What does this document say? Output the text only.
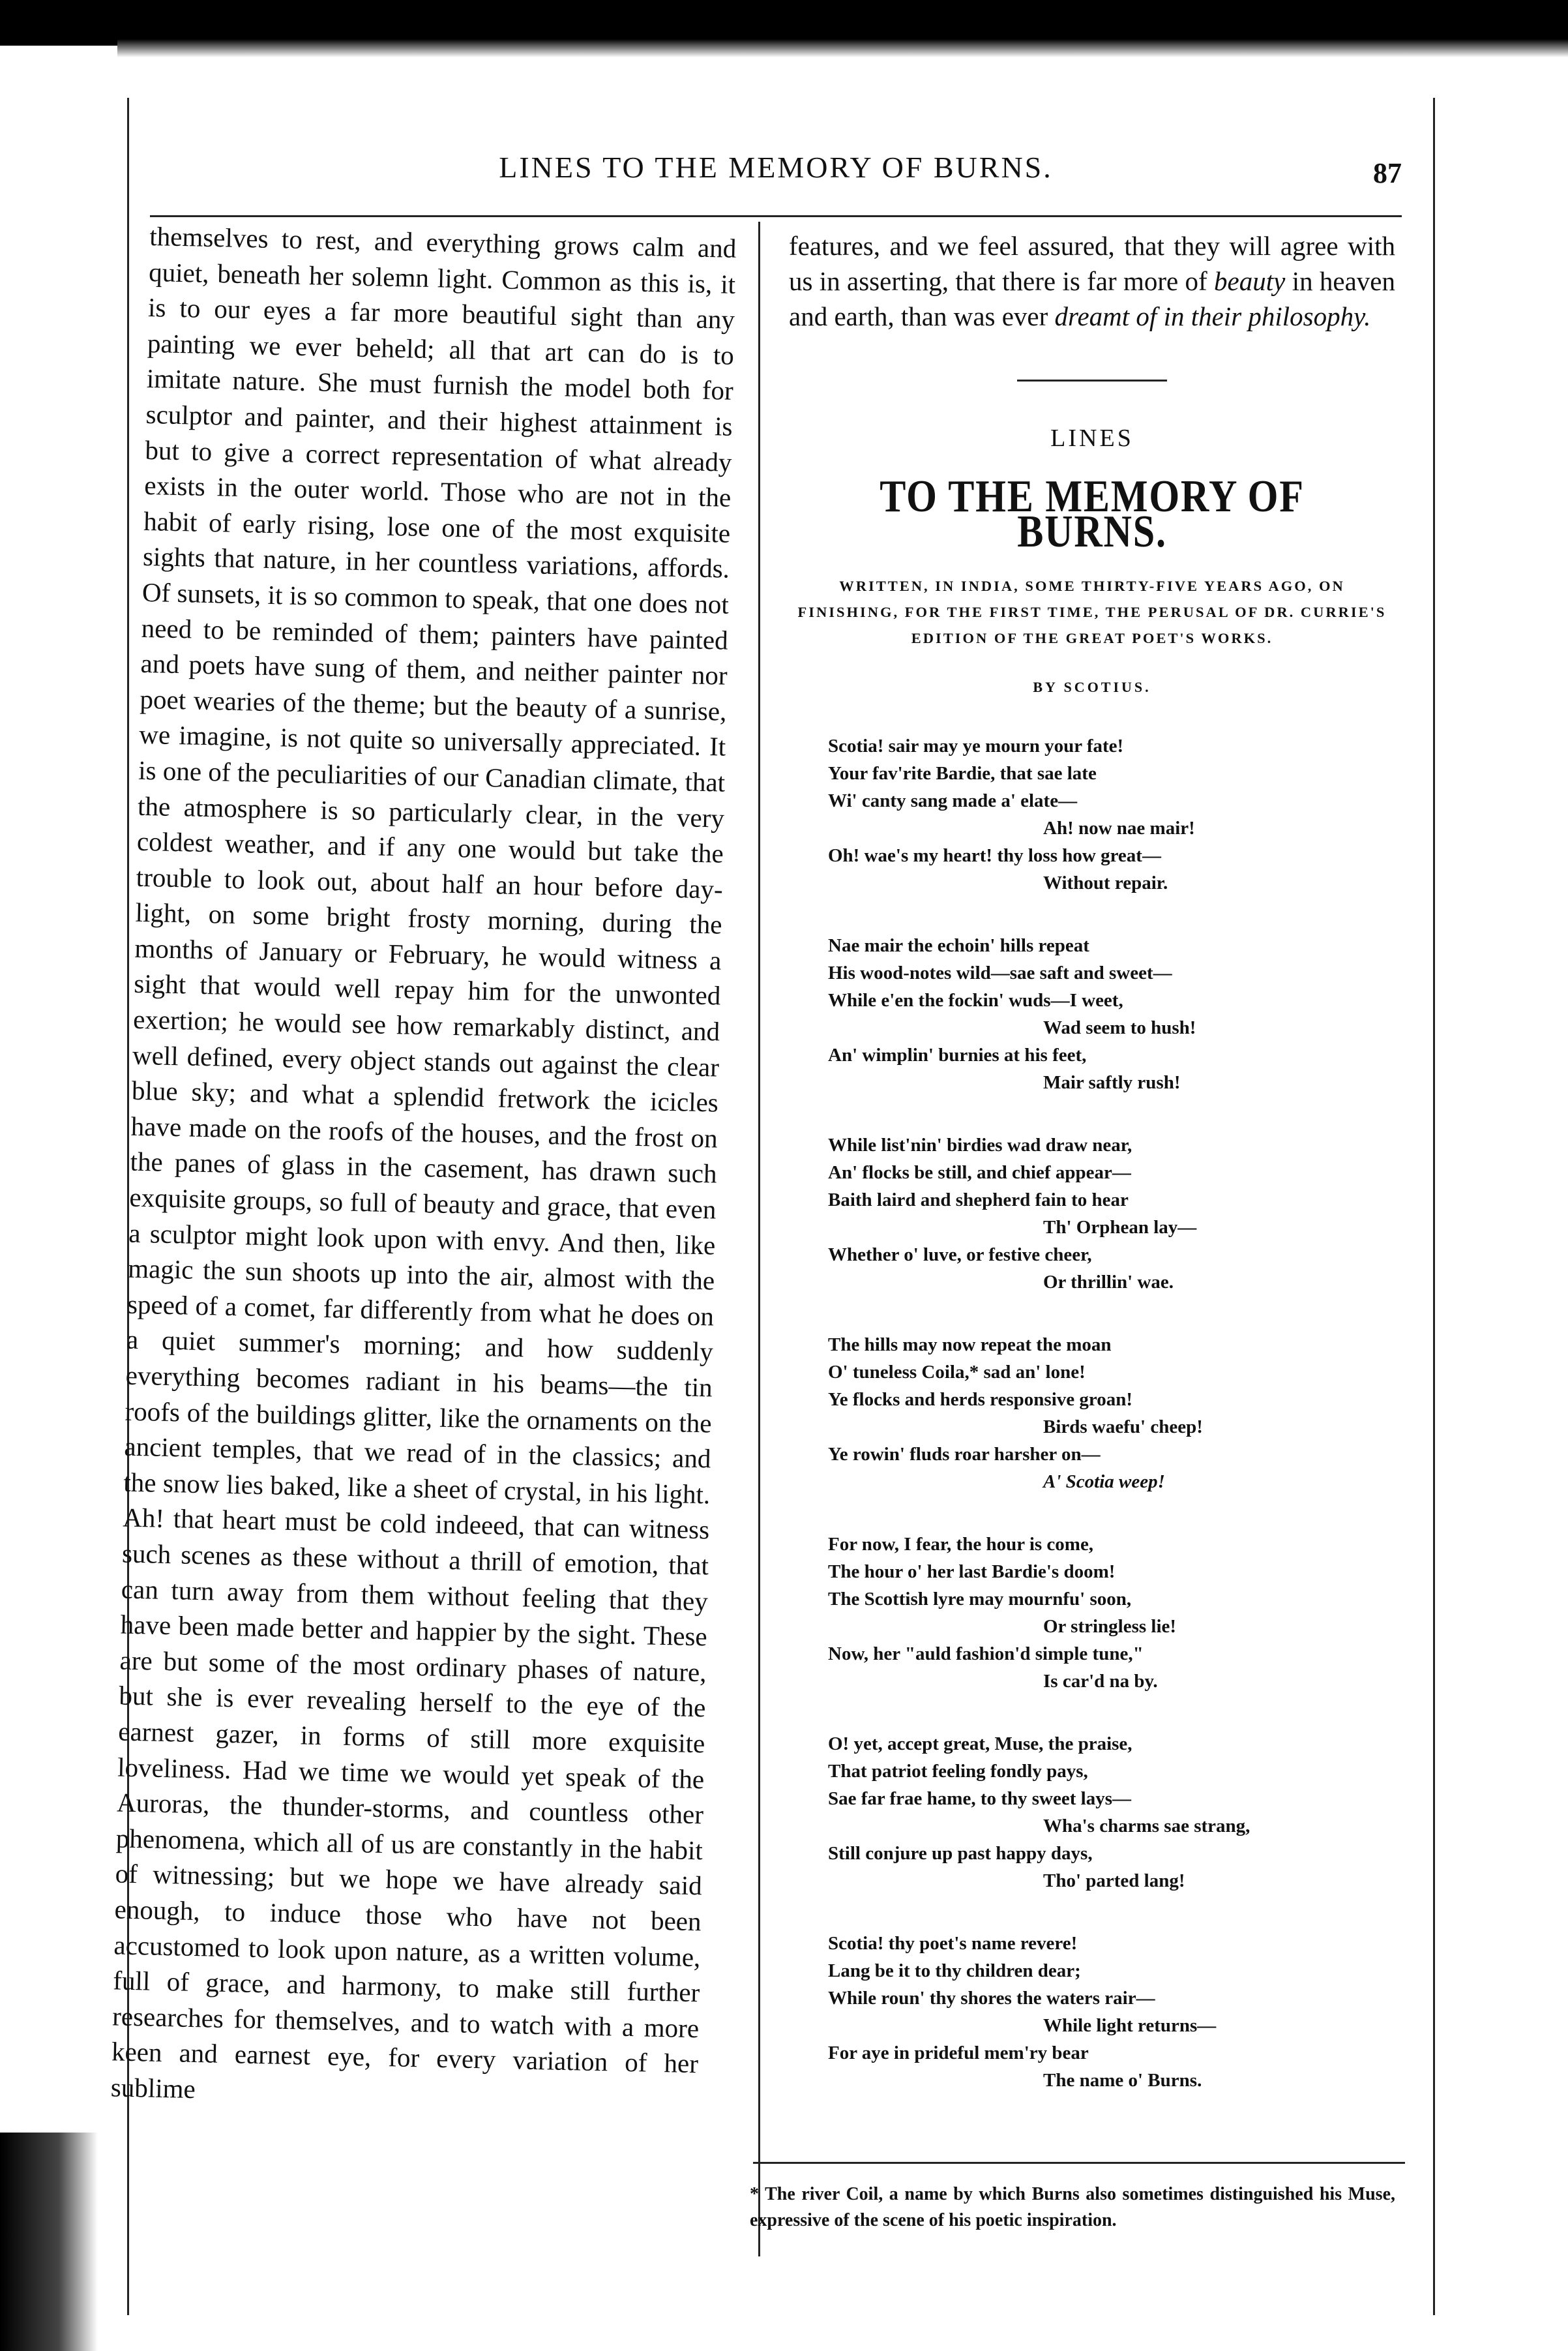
LINES TO THE MEMORY OF BURNS.	87

themselves to rest, and everything grows calm and quiet, beneath her solemn light. Common as this is, it is to our eyes a far more beautiful sight than any painting we ever beheld; all that art can do is to imitate nature. She must furnish the model both for sculptor and painter, and their highest attainment is but to give a correct representation of what already exists in the outer world. Those who are not in the habit of early rising, lose one of the most exquisite sights that nature, in her countless variations, affords. Of sunsets, it is so common to speak, that one does not need to be reminded of them; painters have painted and poets have sung of them, and neither painter nor poet wearies of the theme; but the beauty of a sunrise, we imagine, is not quite so universally appreciated. It is one of the peculiarities of our Canadian climate, that the atmosphere is so particularly clear, in the very coldest weather, and if any one would but take the trouble to look out, about half an hour before day-light, on some bright frosty morning, during the months of January or February, he would witness a sight that would well repay him for the unwonted exertion; he would see how remarkably distinct, and well defined, every object stands out against the clear blue sky; and what a splendid fretwork the icicles have made on the roofs of the houses, and the frost on the panes of glass in the casement, has drawn such exquisite groups, so full of beauty and grace, that even a sculptor might look upon with envy. And then, like magic the sun shoots up into the air, almost with the speed of a comet, far differently from what he does on a quiet summer's morning; and how suddenly everything becomes radiant in his beams—the tin roofs of the buildings glitter, like the ornaments on the ancient temples, that we read of in the classics; and the snow lies baked, like a sheet of crystal, in his light. Ah! that heart must be cold indeeed, that can witness such scenes as these without a thrill of emotion, that can turn away from them without feeling that they have been made better and happier by the sight. These are but some of the most ordinary phases of nature, but she is ever revealing herself to the eye of the earnest gazer, in forms of still more exquisite loveliness. Had we time we would yet speak of the Auroras, the thunder-storms, and countless other phenomena, which all of us are constantly in the habit of witnessing; but we hope we have already said enough, to induce those who have not been accustomed to look upon nature, as a written volume, full of grace, and harmony, to make still further researches for themselves, and to watch with a more keen and earnest eye, for every variation of her sublime

features, and we feel assured, that they will agree with us in asserting, that there is far more of beauty in heaven and earth, than was ever dreamt of in their philosophy.

LINES
TO THE MEMORY OF BURNS.
WRITTEN, IN INDIA, SOME THIRTY-FIVE YEARS AGO, ON FINISHING, FOR THE FIRST TIME, THE PERUSAL OF DR. CURRIE'S EDITION OF THE GREAT POET'S WORKS.
BY SCOTIUS.
Scotia! sair may ye mourn your fate!
Your fav'rite Bardie, that sae late
Wi' canty sang made a' elate—
Ah! now nae mair!
Oh! wae's my heart! thy loss how great—
Without repair.
Nae mair the echoin' hills repeat
His wood-notes wild—sae saft and sweet—
While e'en the fockin' wuds—I weet,
Wad seem to hush!
An' wimplin' burnies at his feet,
Mair saftly rush!
While list'nin' birdies wad draw near,
An' flocks be still, and chief appear—
Baith laird and shepherd fain to hear
Th' Orphean lay—
Whether o' luve, or festive cheer,
Or thrillin' wae.
The hills may now repeat the moan
O' tuneless Coila,* sad an' lone!
Ye flocks and herds responsive groan!
Birds waefu' cheep!
Ye rowin' fluds roar harsher on—
A' Scotia weep!
For now, I fear, the hour is come,
The hour o' her last Bardie's doom!
The Scottish lyre may mournfu' soon,
Or stringless lie!
Now, her "auld fashion'd simple tune,"
Is car'd na by.
O! yet, accept great, Muse, the praise,
That patriot feeling fondly pays,
Sae far frae hame, to thy sweet lays—
Wha's charms sae strang,
Still conjure up past happy days,
Tho' parted lang!
Scotia! thy poet's name revere!
Lang be it to thy children dear;
While roun' thy shores the waters rair—
While light returns—
For aye in prideful mem'ry bear
The name o' Burns.
* The river Coil, a name by which Burns also sometimes distinguished his Muse, expressive of the scene of his poetic inspiration.
